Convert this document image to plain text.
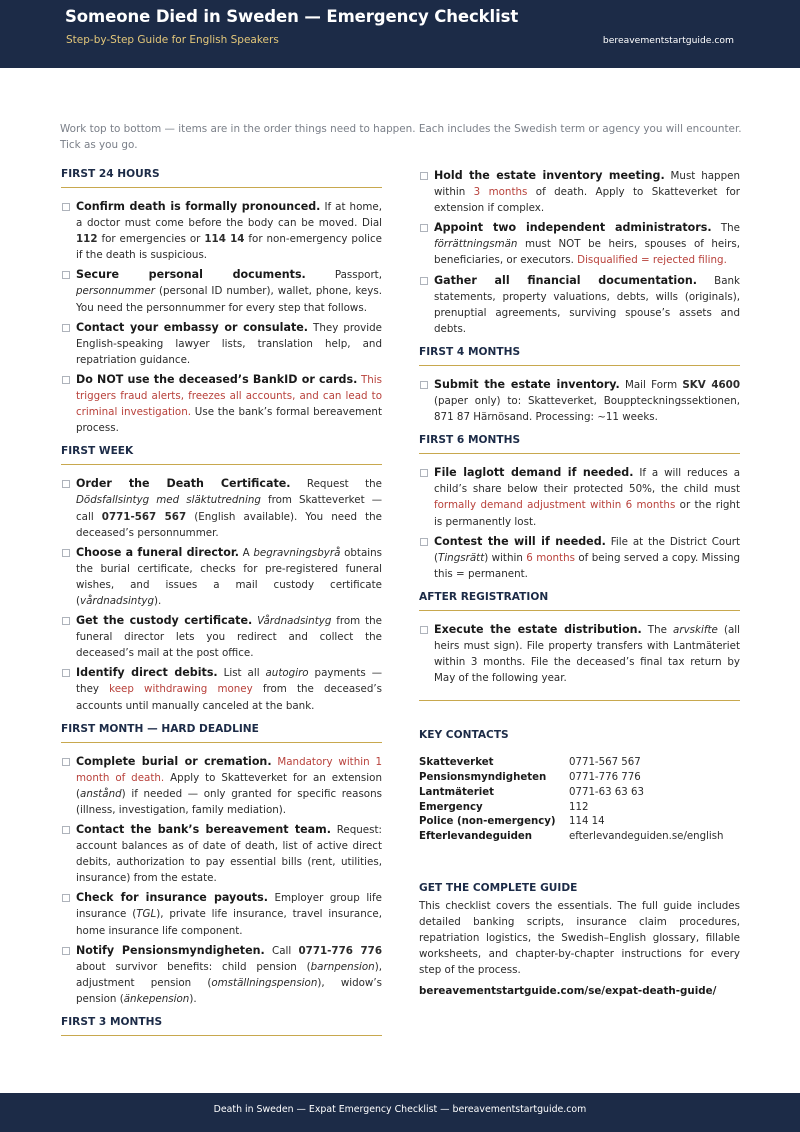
Someone Died in Sweden — Emergency Checklist
Step-by-Step Guide for English Speakers	bereavementstartguide.com
Work top to bottom — items are in the order things need to happen. Each includes the Swedish term or agency you will encounter. Tick as you go.
FIRST 24 HOURS
Confirm death is formally pronounced. If at home, a doctor must come before the body can be moved. Dial 112 for emergencies or 114 14 for non-emergency police if the death is suspicious.
Secure personal documents. Passport, personnummer (personal ID number), wallet, phone, keys. You need the personnummer for every step that follows.
Contact your embassy or consulate. They provide English-speaking lawyer lists, translation help, and repatriation guidance.
Do NOT use the deceased’s BankID or cards. This triggers fraud alerts, freezes all accounts, and can lead to criminal investigation. Use the bank’s formal bereavement process.
FIRST WEEK
Order the Death Certificate. Request the Dödsfallsintyg med släktutredning from Skatteverket — call 0771-567 567 (English available). You need the deceased’s personnummer.
Choose a funeral director. A begravningsbyrå obtains the burial certificate, checks for pre-registered funeral wishes, and issues a mail custody certificate (vårdnadsintyg).
Get the custody certificate. Vårdnadsintyg from the funeral director lets you redirect and collect the deceased’s mail at the post office.
Identify direct debits. List all autogiro payments — they keep withdrawing money from the deceased’s accounts until manually canceled at the bank.
FIRST MONTH — HARD DEADLINE
Complete burial or cremation. Mandatory within 1 month of death. Apply to Skatteverket for an extension (anstånd) if needed — only granted for specific reasons (illness, investigation, family mediation).
Contact the bank’s bereavement team. Request: account balances as of date of death, list of active direct debits, authorization to pay essential bills (rent, utilities, insurance) from the estate.
Check for insurance payouts. Employer group life insurance (TGL), private life insurance, travel insurance, home insurance life component.
Notify Pensionsmyndigheten. Call 0771-776 776 about survivor benefits: child pension (barnpension), adjustment pension (omställningspension), widow’s pension (änkepension).
FIRST 3 MONTHS
Hold the estate inventory meeting. Must happen within 3 months of death. Apply to Skatteverket for extension if complex.
Appoint two independent administrators. The förrättningsmän must NOT be heirs, spouses of heirs, beneficiaries, or executors. Disqualified = rejected filing.
Gather all financial documentation. Bank statements, property valuations, debts, wills (originals), prenuptial agreements, surviving spouse’s assets and debts.
FIRST 4 MONTHS
Submit the estate inventory. Mail Form SKV 4600 (paper only) to: Skatteverket, Bouppteckningssektionen, 871 87 Härnösand. Processing: ∼11 weeks.
FIRST 6 MONTHS
File laglott demand if needed. If a will reduces a child’s share below their protected 50%, the child must formally demand adjustment within 6 months or the right is permanently lost.
Contest the will if needed. File at the District Court (Tingsrätt) within 6 months of being served a copy. Missing this = permanent.
AFTER REGISTRATION
Execute the estate distribution. The arvskifte (all heirs must sign). File property transfers with Lantmäteriet within 3 months. File the deceased’s final tax return by May of the following year.
KEY CONTACTS
Skatteverket	0771-567 567
Pensionsmyndigheten	0771-776 776
Lantmäteriet	0771-63 63 63
Emergency	112
Police (non-emergency)	114 14
Efterlevandeguiden	efterlevandeguiden.se/english
GET THE COMPLETE GUIDE
This checklist covers the essentials. The full guide includes detailed banking scripts, insurance claim procedures, repatriation logistics, the Swedish–English glossary, fillable worksheets, and chapter-by-chapter instructions for every step of the process.
bereavementstartguide.com/se/expat-death-guide/
Death in Sweden — Expat Emergency Checklist — bereavementstartguide.com
